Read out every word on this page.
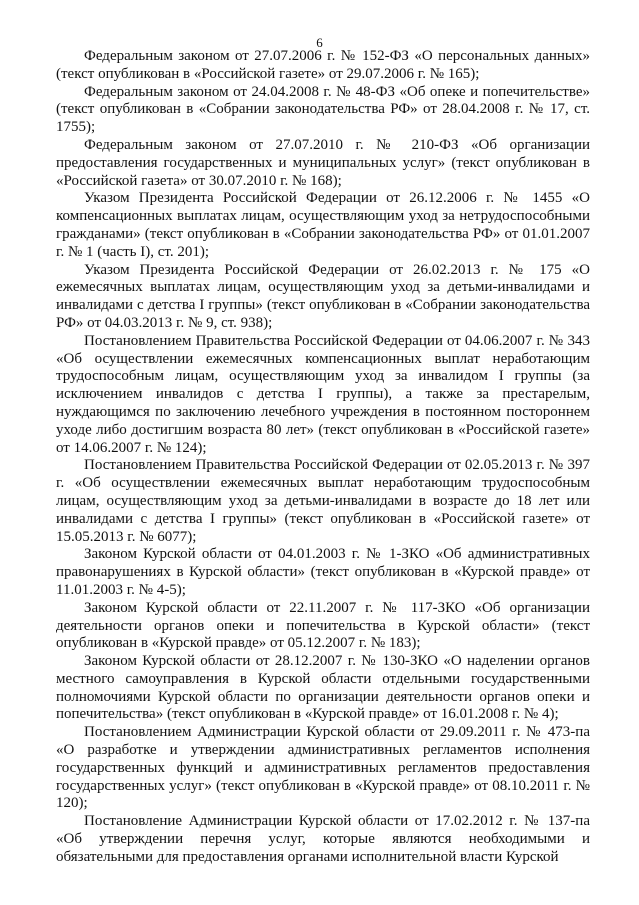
6

Федеральным законом от 27.07.2006 г. № 152-ФЗ «О персональных данных» (текст опубликован в «Российской газете» от 29.07.2006 г. № 165);

Федеральным законом от 24.04.2008 г. № 48-ФЗ «Об опеке и попечительстве» (текст опубликован в «Собрании законодательства РФ» от 28.04.2008 г. № 17, ст. 1755);

Федеральным законом от 27.07.2010 г. № 210-ФЗ «Об организации предоставления государственных и муниципальных услуг» (текст опубликован в «Российской газета» от 30.07.2010 г. № 168);

Указом Президента Российской Федерации от 26.12.2006 г. № 1455 «О компенсационных выплатах лицам, осуществляющим уход за нетрудоспособными гражданами» (текст опубликован в «Собрании законодательства РФ» от 01.01.2007 г. № 1 (часть I), ст. 201);

Указом Президента Российской Федерации от 26.02.2013 г. № 175 «О ежемесячных выплатах лицам, осуществляющим уход за детьми-инвалидами и инвалидами с детства I группы» (текст опубликован в «Собрании законодательства РФ» от 04.03.2013 г. № 9, ст. 938);

Постановлением Правительства Российской Федерации от 04.06.2007 г. № 343 «Об осуществлении ежемесячных компенсационных выплат неработающим трудоспособным лицам, осуществляющим уход за инвалидом I группы (за исключением инвалидов с детства I группы), а также за престарелым, нуждающимся по заключению лечебного учреждения в постоянном постороннем уходе либо достигшим возраста 80 лет» (текст опубликован в «Российской газете» от 14.06.2007 г. № 124);

Постановлением Правительства Российской Федерации от 02.05.2013 г. № 397 г. «Об осуществлении ежемесячных выплат неработающим трудоспособным лицам, осуществляющим уход за детьми-инвалидами в возрасте до 18 лет или инвалидами с детства I группы» (текст опубликован в «Российской газете» от 15.05.2013 г. № 6077);

Законом Курской области от 04.01.2003 г. № 1-ЗКО «Об административных правонарушениях в Курской области» (текст опубликован в «Курской правде» от 11.01.2003 г. № 4-5);

Законом Курской области от 22.11.2007 г. № 117-ЗКО «Об организации деятельности органов опеки и попечительства в Курской области» (текст опубликован в «Курской правде» от 05.12.2007 г. № 183);

Законом Курской области от 28.12.2007 г. № 130-ЗКО «О наделении органов местного самоуправления в Курской области отдельными государственными полномочиями Курской области по организации деятельности органов опеки и попечительства» (текст опубликован в «Курской правде» от 16.01.2008 г. № 4);

Постановлением Администрации Курской области от 29.09.2011 г. № 473-па «О разработке и утверждении административных регламентов исполнения государственных функций и административных регламентов предоставления государственных услуг» (текст опубликован в «Курской правде» от 08.10.2011 г. № 120);

Постановление Администрации Курской области от 17.02.2012 г. № 137-па «Об утверждении перечня услуг, которые являются необходимыми и обязательными для предоставления органами исполнительной власти Курской
